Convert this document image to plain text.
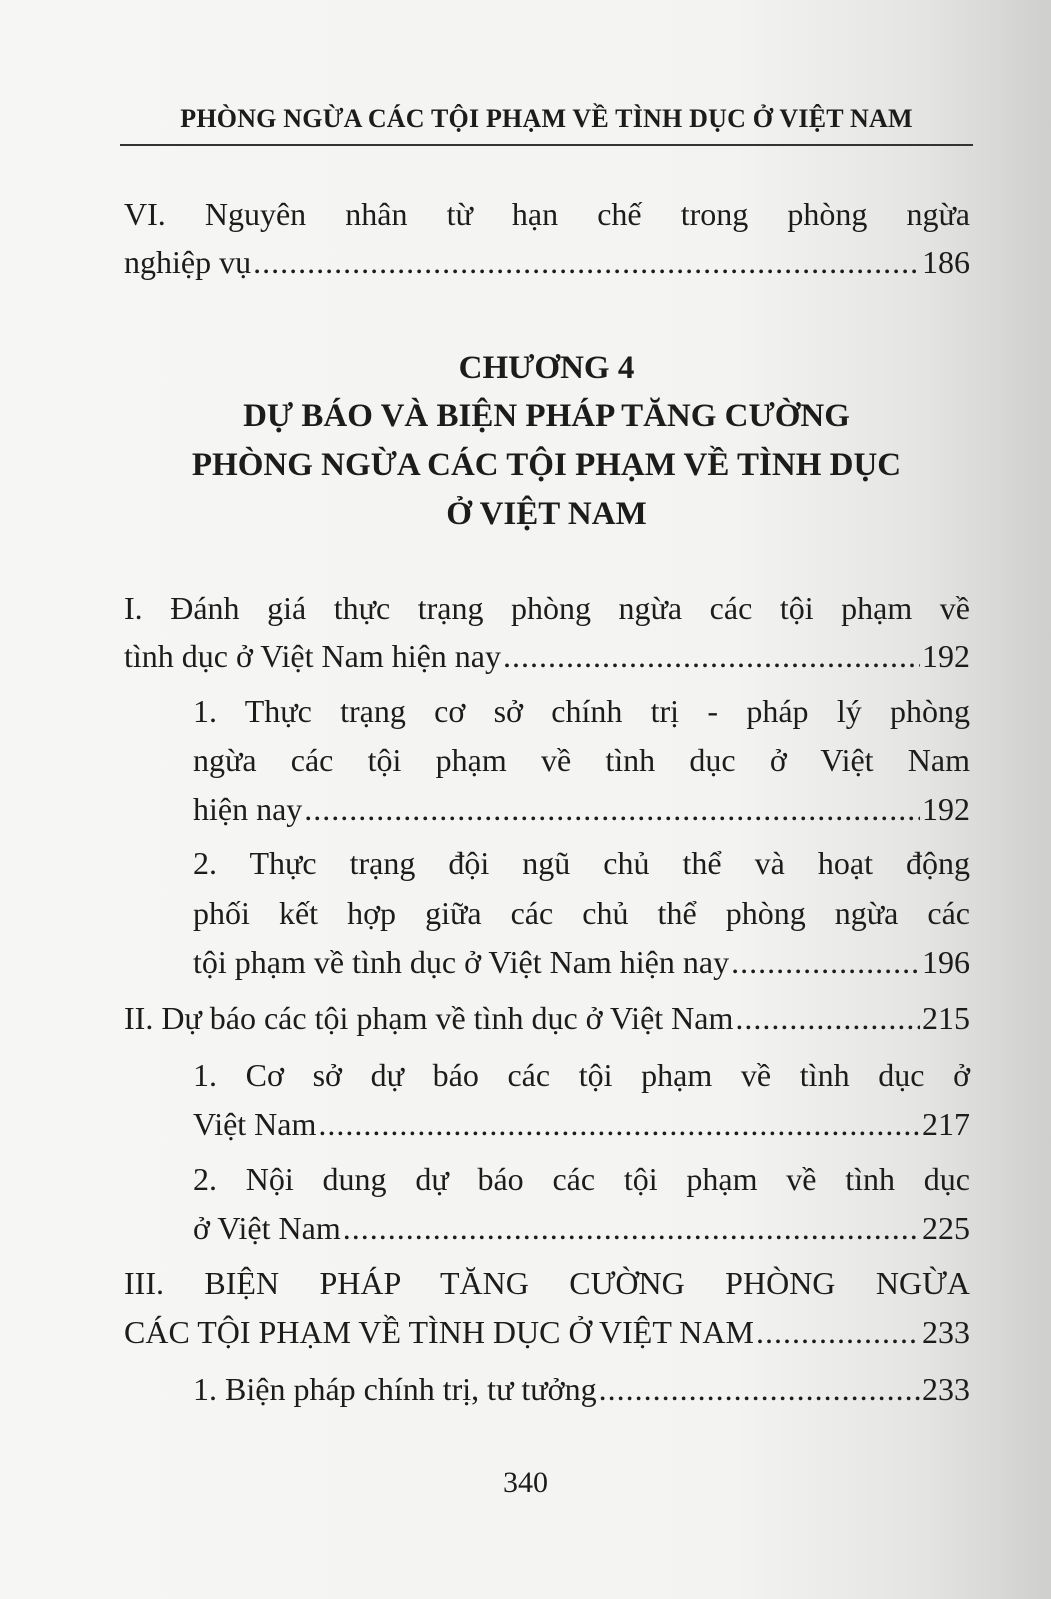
PHÒNG NGỪA CÁC TỘI PHẠM VỀ TÌNH DỤC Ở VIỆT NAM
VI. Nguyên nhân từ hạn chế trong phòng ngừa
nghiệp vụ .....	186
CHƯƠNG 4
DỰ BÁO VÀ BIỆN PHÁP TĂNG CƯỜNG
PHÒNG NGỪA CÁC TỘI PHẠM VỀ TÌNH DỤC
Ở VIỆT NAM
I. Đánh giá thực trạng phòng ngừa các tội phạm về
tình dục ở Việt Nam hiện nay .....	192
1. Thực trạng cơ sở chính trị - pháp lý phòng
ngừa các tội phạm về tình dục ở Việt Nam
hiện nay .....	192
2. Thực trạng đội ngũ chủ thể và hoạt động
phối kết hợp giữa các chủ thể phòng ngừa các
tội phạm về tình dục ở Việt Nam hiện nay .....	196
II. Dự báo các tội phạm về tình dục ở Việt Nam .....	215
1. Cơ sở dự báo các tội phạm về tình dục ở
Việt Nam .....	217
2. Nội dung dự báo các tội phạm về tình dục
ở Việt Nam .....	225
III. BIỆN PHÁP TĂNG CƯỜNG PHÒNG NGỪA
CÁC TỘI PHẠM VỀ TÌNH DỤC Ở VIỆT NAM .....	233
1. Biện pháp chính trị, tư tưởng .....	233
340
